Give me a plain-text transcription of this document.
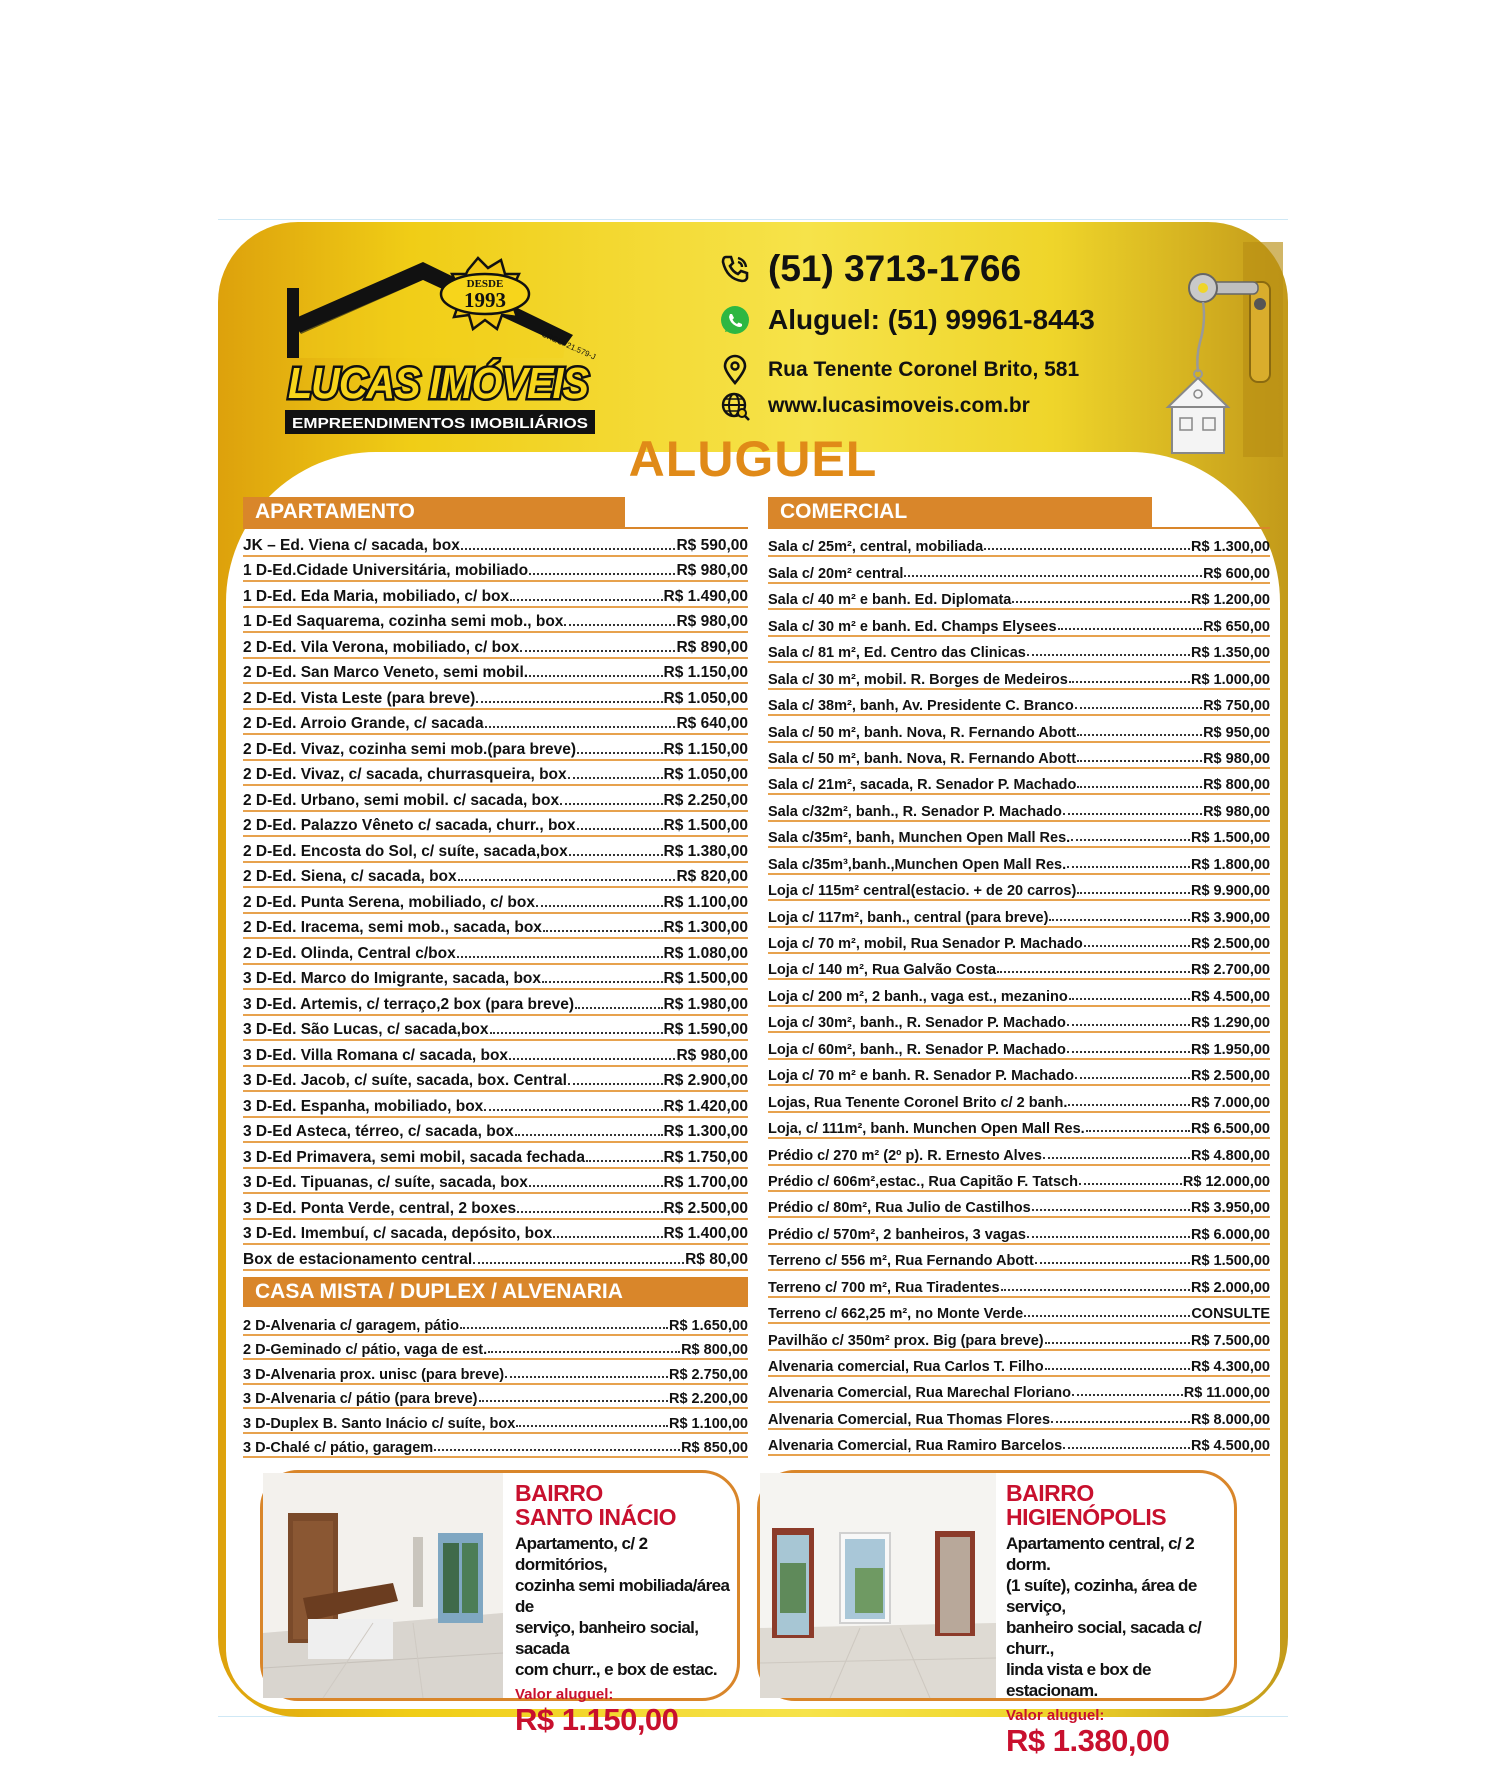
DESDE
1993
CRECI 21.579-J
LUCAS IMÓVEIS
EMPREENDIMENTOS IMOBILIÁRIOS
(51) 3713-1766
Aluguel: (51) 99961-8443
Rua Tenente Coronel Brito, 581
www.lucasimoveis.com.br
ALUGUEL
APARTAMENTO
JK – Ed. Viena c/ sacada, box	R$ 590,00
1 D-Ed.Cidade Universitária, mobiliado	R$ 980,00
1 D-Ed. Eda Maria, mobiliado, c/ box	R$ 1.490,00
1 D-Ed Saquarema, cozinha semi mob., box	R$ 980,00
2 D-Ed. Vila Verona, mobiliado, c/ box	R$ 890,00
2 D-Ed. San Marco Veneto, semi mobil.	R$ 1.150,00
2 D-Ed. Vista Leste (para breve)	R$ 1.050,00
2 D-Ed. Arroio Grande, c/ sacada	R$ 640,00
2 D-Ed. Vivaz, cozinha semi mob.(para breve)	R$ 1.150,00
2 D-Ed. Vivaz, c/ sacada, churrasqueira, box	R$ 1.050,00
2 D-Ed. Urbano, semi mobil. c/ sacada, box	R$ 2.250,00
2 D-Ed. Palazzo Vêneto c/ sacada, churr., box	R$ 1.500,00
2 D-Ed. Encosta do Sol, c/ suíte, sacada,box	R$ 1.380,00
2 D-Ed. Siena, c/ sacada, box	R$ 820,00
2 D-Ed. Punta Serena, mobiliado, c/ box	R$ 1.100,00
2 D-Ed. Iracema, semi mob., sacada, box	R$ 1.300,00
2 D-Ed. Olinda, Central c/box	R$ 1.080,00
3 D-Ed. Marco do Imigrante, sacada, box	R$ 1.500,00
3 D-Ed. Artemis, c/ terraço,2 box (para breve)	R$ 1.980,00
3 D-Ed. São Lucas, c/ sacada,box	R$ 1.590,00
3 D-Ed. Villa Romana c/ sacada, box	R$ 980,00
3 D-Ed. Jacob, c/ suíte, sacada, box. Central	R$ 2.900,00
3 D-Ed. Espanha, mobiliado, box	R$ 1.420,00
3 D-Ed Asteca, térreo, c/ sacada, box	R$ 1.300,00
3 D-Ed Primavera, semi mobil, sacada fechada	R$ 1.750,00
3 D-Ed. Tipuanas, c/ suíte, sacada, box	R$ 1.700,00
3 D-Ed. Ponta Verde, central, 2 boxes	R$ 2.500,00
3 D-Ed. Imembuí, c/ sacada, depósito, box	R$ 1.400,00
Box de estacionamento central	R$ 80,00
CASA MISTA / DUPLEX / ALVENARIA
2 D-Alvenaria c/ garagem, pátio	R$ 1.650,00
2 D-Geminado c/ pátio, vaga de est.	R$ 800,00
3 D-Alvenaria prox. unisc (para breve)	R$ 2.750,00
3 D-Alvenaria c/ pátio (para breve)	R$ 2.200,00
3 D-Duplex B. Santo Inácio c/ suíte, box	R$ 1.100,00
3 D-Chalé c/ pátio, garagem	R$ 850,00
COMERCIAL
Sala c/ 25m², central, mobiliada	R$ 1.300,00
Sala c/ 20m² central	R$ 600,00
Sala c/ 40 m² e banh. Ed. Diplomata	R$ 1.200,00
Sala c/ 30 m² e banh. Ed. Champs Elysees	R$ 650,00
Sala c/ 81 m², Ed. Centro das Clinicas	R$ 1.350,00
Sala c/ 30 m², mobil. R. Borges de Medeiros	R$ 1.000,00
Sala c/ 38m², banh, Av. Presidente C. Branco	R$ 750,00
Sala c/ 50 m², banh. Nova, R. Fernando Abott	R$ 950,00
Sala c/ 50 m², banh. Nova, R. Fernando Abott	R$ 980,00
Sala c/ 21m², sacada, R. Senador P. Machado	R$ 800,00
Sala c/32m², banh., R. Senador P. Machado	R$ 980,00
Sala c/35m², banh, Munchen Open Mall Res.	R$ 1.500,00
Sala c/35m³,banh.,Munchen Open Mall Res.	R$ 1.800,00
Loja c/ 115m² central(estacio. + de 20 carros)	R$ 9.900,00
Loja c/ 117m², banh., central (para breve)	R$ 3.900,00
Loja c/ 70 m², mobil, Rua Senador P. Machado	R$ 2.500,00
Loja c/ 140 m², Rua Galvão Costa	R$ 2.700,00
Loja c/ 200 m², 2 banh., vaga est., mezanino	R$ 4.500,00
Loja c/ 30m², banh., R. Senador P. Machado	R$ 1.290,00
Loja c/ 60m², banh., R. Senador P. Machado	R$ 1.950,00
Loja c/ 70 m² e banh. R. Senador P. Machado	R$ 2.500,00
Lojas, Rua Tenente Coronel Brito c/ 2 banh.	R$ 7.000,00
Loja, c/ 111m², banh. Munchen Open Mall Res.	R$ 6.500,00
Prédio c/ 270 m² (2º p). R. Ernesto Alves	R$ 4.800,00
Prédio c/ 606m²,estac., Rua Capitão F. Tatsch	R$ 12.000,00
Prédio c/ 80m², Rua Julio de Castilhos	R$ 3.950,00
Prédio c/ 570m², 2 banheiros, 3 vagas	R$ 6.000,00
Terreno c/ 556 m², Rua Fernando Abott	R$ 1.500,00
Terreno c/ 700 m², Rua Tiradentes	R$ 2.000,00
Terreno c/ 662,25 m², no Monte Verde	CONSULTE
Pavilhão c/ 350m² prox. Big (para breve)	R$ 7.500,00
Alvenaria comercial, Rua Carlos T. Filho	R$ 4.300,00
Alvenaria Comercial, Rua Marechal Floriano	R$ 11.000,00
Alvenaria Comercial, Rua Thomas Flores	R$ 8.000,00
Alvenaria Comercial, Rua Ramiro Barcelos	R$ 4.500,00
BAIRRO
SANTO INÁCIO
Apartamento, c/ 2 dormitórios,
cozinha semi mobiliada/área de
serviço, banheiro social, sacada
com churr., e box de estac.
Valor aluguel:
R$ 1.150,00
BAIRRO
HIGIENÓPOLIS
Apartamento central, c/ 2 dorm.
(1 suíte), cozinha, área de serviço,
banheiro social, sacada c/ churr.,
linda vista e box de estacionam.
Valor aluguel:
R$ 1.380,00
